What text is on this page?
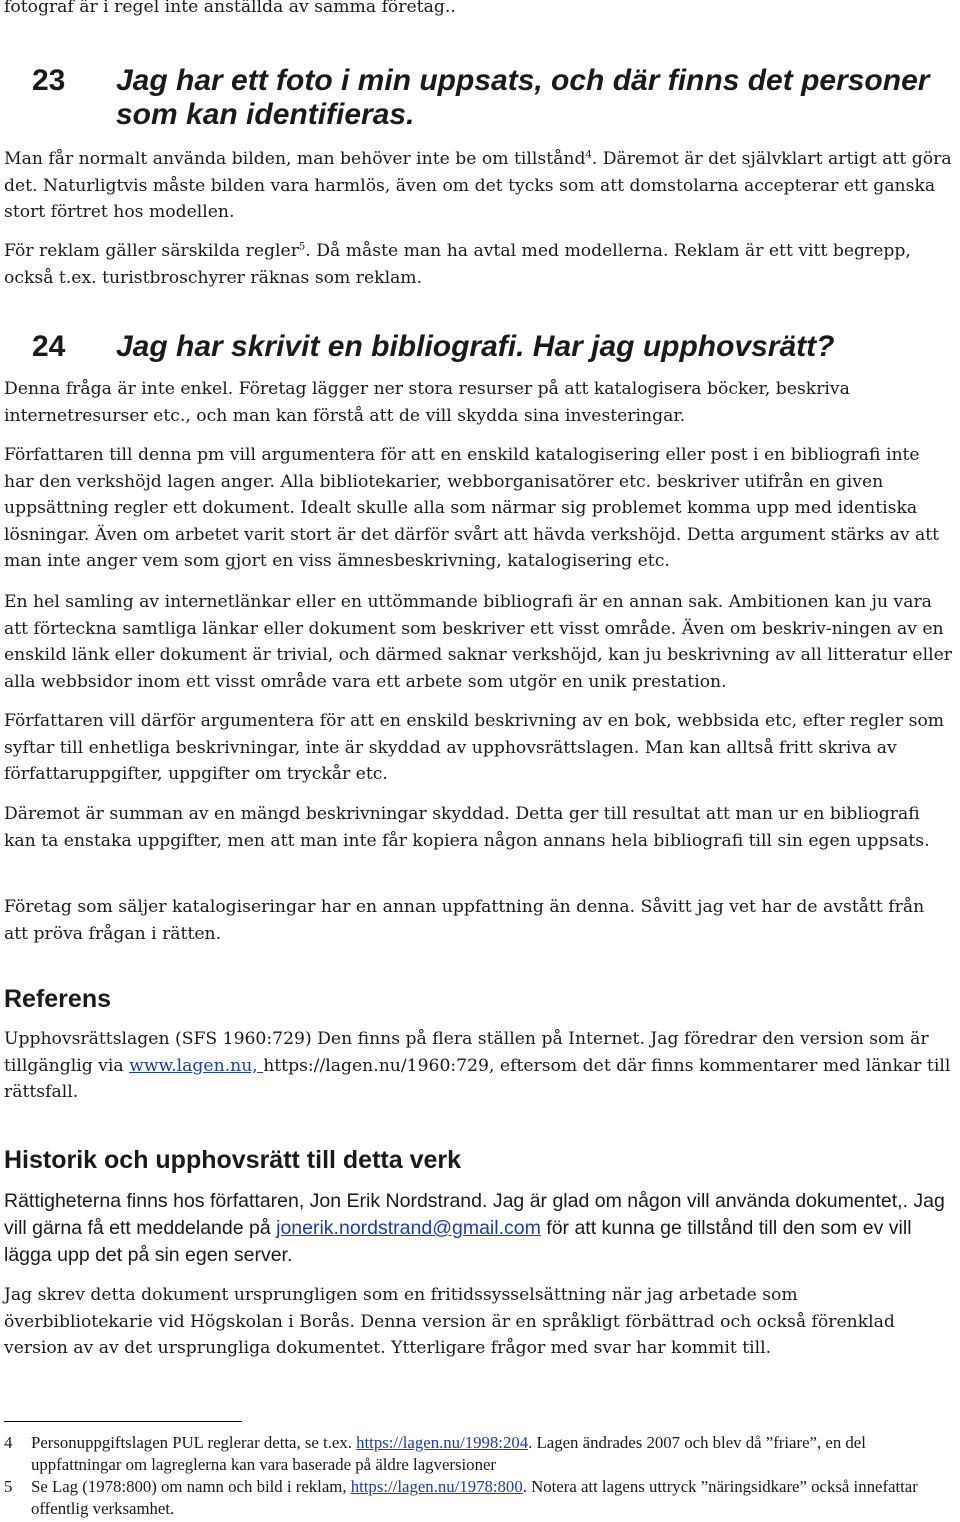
fotograf är i regel inte anställda av samma företag..

23	Jag har ett foto i min uppsats, och där finns det personer som kan identifieras.

Man får normalt använda bilden, man behöver inte be om tillstånd$^4$. Däremot är det självklart artigt att göra det. Naturligtvis måste bilden vara harmlös, även om det tycks som att domstolarna accepterar ett ganska stort förtret hos modellen.

För reklam gäller särskilda regler$^5$. Då måste man ha avtal med modellerna. Reklam är ett vitt begrepp, också t.ex. turistbroschyrer räknas som reklam.

24	Jag har skrivit en bibliografi. Har jag upphovsrätt?

Denna fråga är inte enkel. Företag lägger ner stora resurser på att katalogisera böcker, beskriva internetresurser etc., och man kan förstå att de vill skydda sina investeringar.

Författaren till denna pm vill argumentera för att en enskild katalogisering eller post i en bibliografi inte har den verkshöjd lagen anger. Alla bibliotekarier, webborganisatörer etc. beskriver utifrån en given uppsättning regler ett dokument. Idealt skulle alla som närmar sig problemet komma upp med identiska lösningar. Även om arbetet varit stort är det därför svårt att hävda verkshöjd. Detta argument stärks av att man inte anger vem som gjort en viss ämnesbeskrivning, katalogisering etc.

En hel samling av internetlänkar eller en uttömmande bibliografi är en annan sak. Ambitionen kan ju vara att förteckna samtliga länkar eller dokument som beskriver ett visst område. Även om beskriv-ningen av en enskild länk eller dokument är trivial, och därmed saknar verkshöjd, kan ju beskrivning av all litteratur eller alla webbsidor inom ett visst område vara ett arbete som utgör en unik prestation.

Författaren vill därför argumentera för att en enskild beskrivning av en bok, webbsida etc, efter regler som syftar till enhetliga beskrivningar, inte är skyddad av upphovsrättslagen. Man kan alltså fritt skriva av författaruppgifter, uppgifter om tryckår etc.

Däremot är summan av en mängd beskrivningar skyddad. Detta ger till resultat att man ur en bibliografi kan ta enstaka uppgifter, men att man inte får kopiera någon annans hela bibliografi till sin egen uppsats.

Företag som säljer katalogiseringar har en annan uppfattning än denna. Såvitt jag vet har de avstått från att pröva frågan i rätten.

Referens

Upphovsrättslagen (SFS 1960:729) Den finns på flera ställen på Internet. Jag föredrar den version som är tillgänglig via www.lagen.nu, https://lagen.nu/1960:729, eftersom det där finns kommentarer med länkar till rättsfall.

Historik och upphovsrätt till detta verk

Rättigheterna finns hos författaren, Jon Erik Nordstrand. Jag är glad om någon vill använda dokumentet,. Jag vill gärna få ett meddelande på jonerik.nordstrand@gmail.com för att kunna ge tillstånd till den som ev vill lägga upp det på sin egen server.

Jag skrev detta dokument ursprungligen som en fritidssysselsättning när jag arbetade som överbibliotekarie vid Högskolan i Borås. Denna version är en språkligt förbättrad och också förenklad version av av det ursprungliga dokumentet. Ytterligare frågor med svar har kommit till.

4	Personuppgiftslagen PUL reglerar detta, se t.ex. https://lagen.nu/1998:204. Lagen ändrades 2007 och blev då ”friare”, en del uppfattningar om lagreglerna kan vara baserade på äldre lagversioner
5	Se Lag (1978:800) om namn och bild i reklam, https://lagen.nu/1978:800. Notera att lagens uttryck ”näringsidkare” också innefattar offentlig verksamhet.
